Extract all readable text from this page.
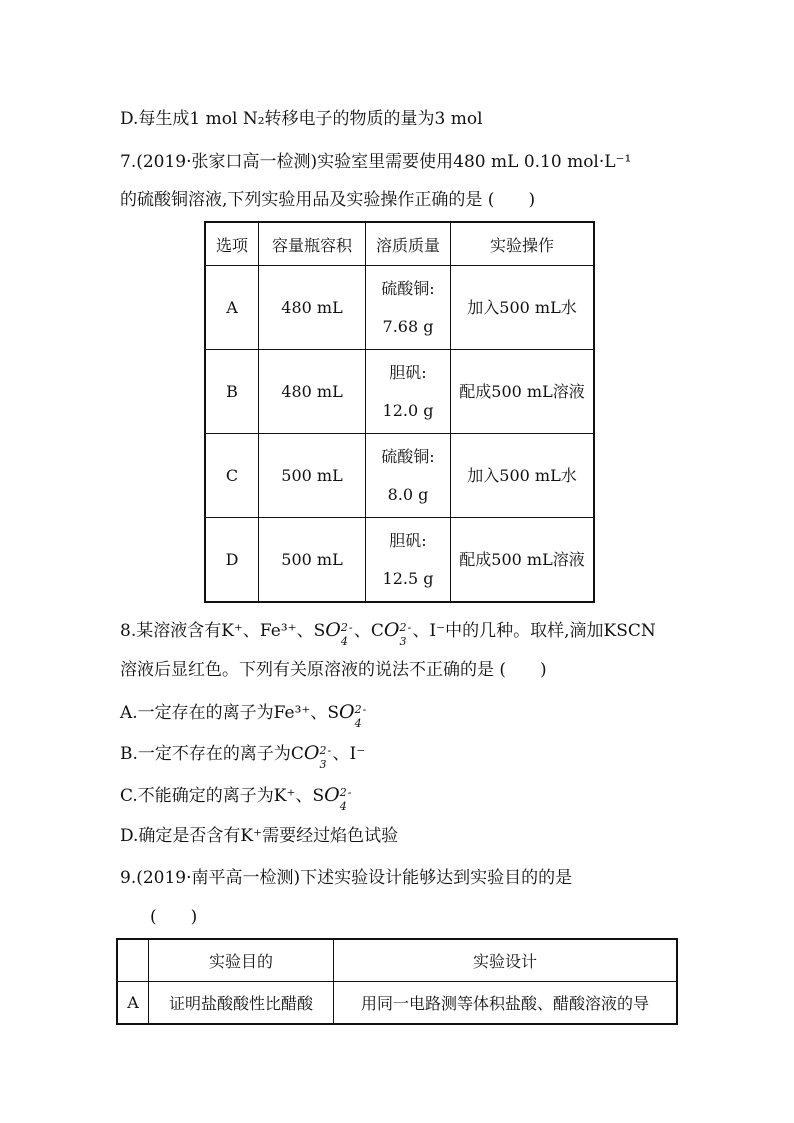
D.每生成1 mol N₂转移电子的物质的量为3 mol
7.(2019·张家口高一检测)实验室里需要使用480 mL 0.10 mol·L⁻¹
的硫酸铜溶液,下列实验用品及实验操作正确的是 (　　)
选项	容量瓶容积	溶质质量	实验操作
A	480 mL	硫酸铜:
7.68 g	加入500 mL水
B	480 mL	胆矾:
12.0 g	配成500 mL溶液
C	500 mL	硫酸铜:
8.0 g	加入500 mL水
D	500 mL	胆矾:
12.5 g	配成500 mL溶液
8.某溶液含有K⁺、Fe³⁺、SO 2
4
- 、CO 2
3
- 、I⁻中的几种。取样,滴加KSCN
溶液后显红色。下列有关原溶液的说法不正确的是 (　　)
A.一定存在的离子为Fe³⁺、SO 2
4
-
B.一定不存在的离子为CO 2
3
- 、I⁻
C.不能确定的离子为K⁺、SO 2
4
-
D.确定是否含有K⁺需要经过焰色试验
9.(2019·南平高一检测)下述实验设计能够达到实验目的的是
(　　)
	实验目的	实验设计
A	证明盐酸酸性比醋酸	用同一电路测等体积盐酸、醋酸溶液的导
